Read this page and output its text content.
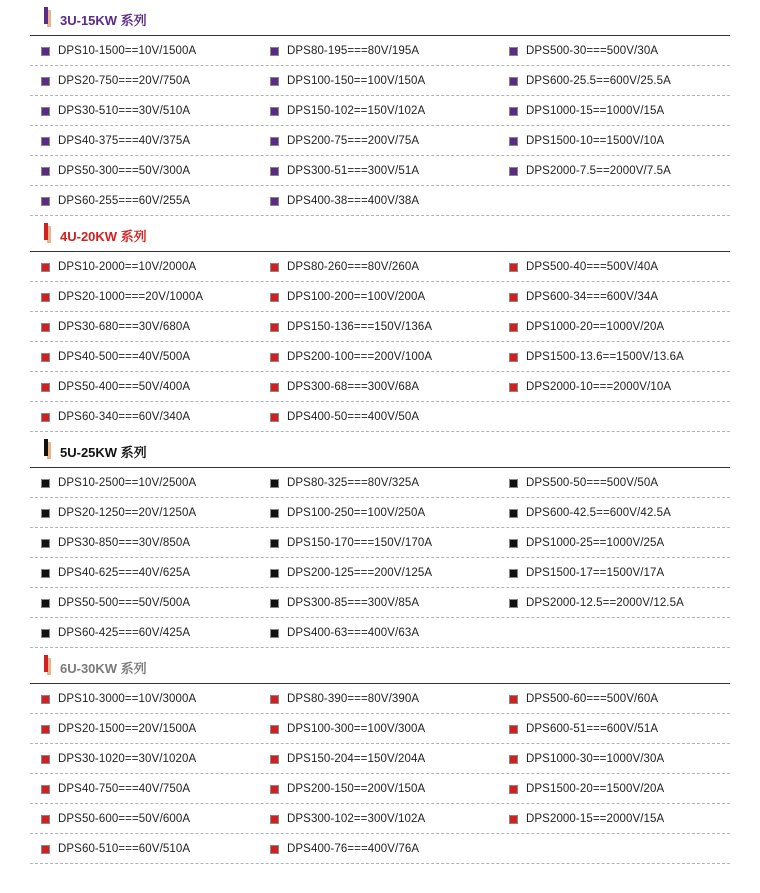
3U-15KW 系列
DPS10-1500==10V/1500A	DPS80-195===80V/195A	DPS500-30===500V/30A
DPS20-750===20V/750A	DPS100-150==100V/150A	DPS600-25.5==600V/25.5A
DPS30-510===30V/510A	DPS150-102==150V/102A	DPS1000-15==1000V/15A
DPS40-375===40V/375A	DPS200-75===200V/75A	DPS1500-10==1500V/10A
DPS50-300===50V/300A	DPS300-51===300V/51A	DPS2000-7.5==2000V/7.5A
DPS60-255===60V/255A	DPS400-38===400V/38A
4U-20KW 系列
DPS10-2000==10V/2000A	DPS80-260===80V/260A	DPS500-40===500V/40A
DPS20-1000===20V/1000A	DPS100-200==100V/200A	DPS600-34===600V/34A
DPS30-680===30V/680A	DPS150-136===150V/136A	DPS1000-20==1000V/20A
DPS40-500===40V/500A	DPS200-100===200V/100A	DPS1500-13.6==1500V/13.6A
DPS50-400===50V/400A	DPS300-68===300V/68A	DPS2000-10===2000V/10A
DPS60-340===60V/340A	DPS400-50===400V/50A
5U-25KW 系列
DPS10-2500==10V/2500A	DPS80-325===80V/325A	DPS500-50===500V/50A
DPS20-1250==20V/1250A	DPS100-250==100V/250A	DPS600-42.5==600V/42.5A
DPS30-850===30V/850A	DPS150-170===150V/170A	DPS1000-25==1000V/25A
DPS40-625===40V/625A	DPS200-125===200V/125A	DPS1500-17==1500V/17A
DPS50-500===50V/500A	DPS300-85===300V/85A	DPS2000-12.5==2000V/12.5A
DPS60-425===60V/425A	DPS400-63===400V/63A
6U-30KW 系列
DPS10-3000==10V/3000A	DPS80-390===80V/390A	DPS500-60===500V/60A
DPS20-1500==20V/1500A	DPS100-300==100V/300A	DPS600-51===600V/51A
DPS30-1020==30V/1020A	DPS150-204==150V/204A	DPS1000-30==1000V/30A
DPS40-750===40V/750A	DPS200-150==200V/150A	DPS1500-20==1500V/20A
DPS50-600===50V/600A	DPS300-102==300V/102A	DPS2000-15==2000V/15A
DPS60-510===60V/510A	DPS400-76===400V/76A
